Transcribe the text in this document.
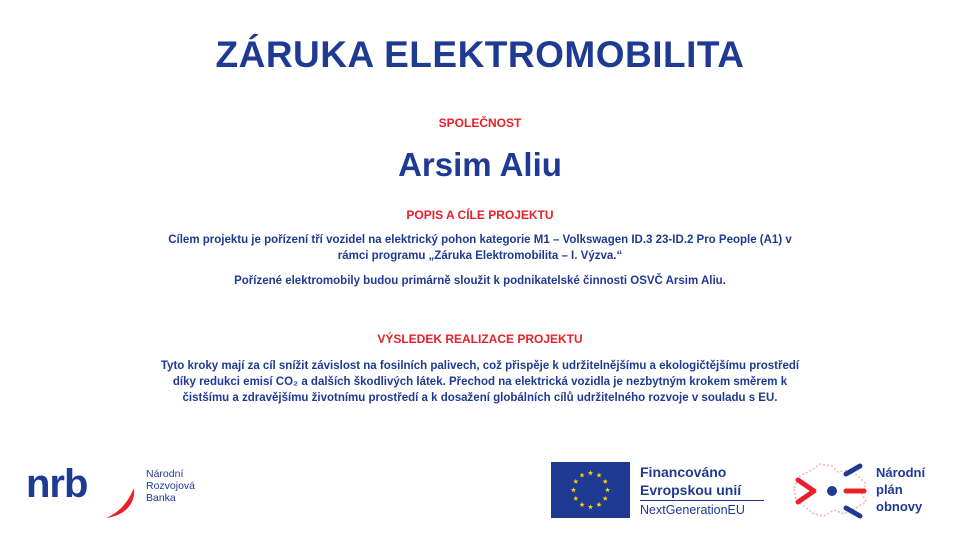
ZÁRUKA ELEKTROMOBILITA
SPOLEČNOST
Arsim Aliu
POPIS A CÍLE PROJEKTU

Cílem projektu je pořízení tří vozidel na elektrický pohon kategorie M1 – Volkswagen ID.3 23-ID.2 Pro People (A1) v rámci programu „Záruka Elektromobilita – I. Výzva.“

Pořízené elektromobily budou primárně sloužit k podnikatelské činnosti OSVČ Arsim Aliu.

VÝSLEDEK REALIZACE PROJEKTU
Tyto kroky mají za cíl snížit závislost na fosilních palivech, což přispěje k udržitelnějšímu a ekologičtějšímu prostředí díky redukci emisí CO₂ a dalších škodlivých látek. Přechod na elektrická vozidla je nezbytným krokem směrem k čistšímu a zdravějšímu životnímu prostředí a k dosažení globálních cílů udržitelného rozvoje v souladu s EU.
nrb	Národní
Rozvojová
Banka
Financováno
Evropskou unií
NextGenerationEU
Národní
plán
obnovy
